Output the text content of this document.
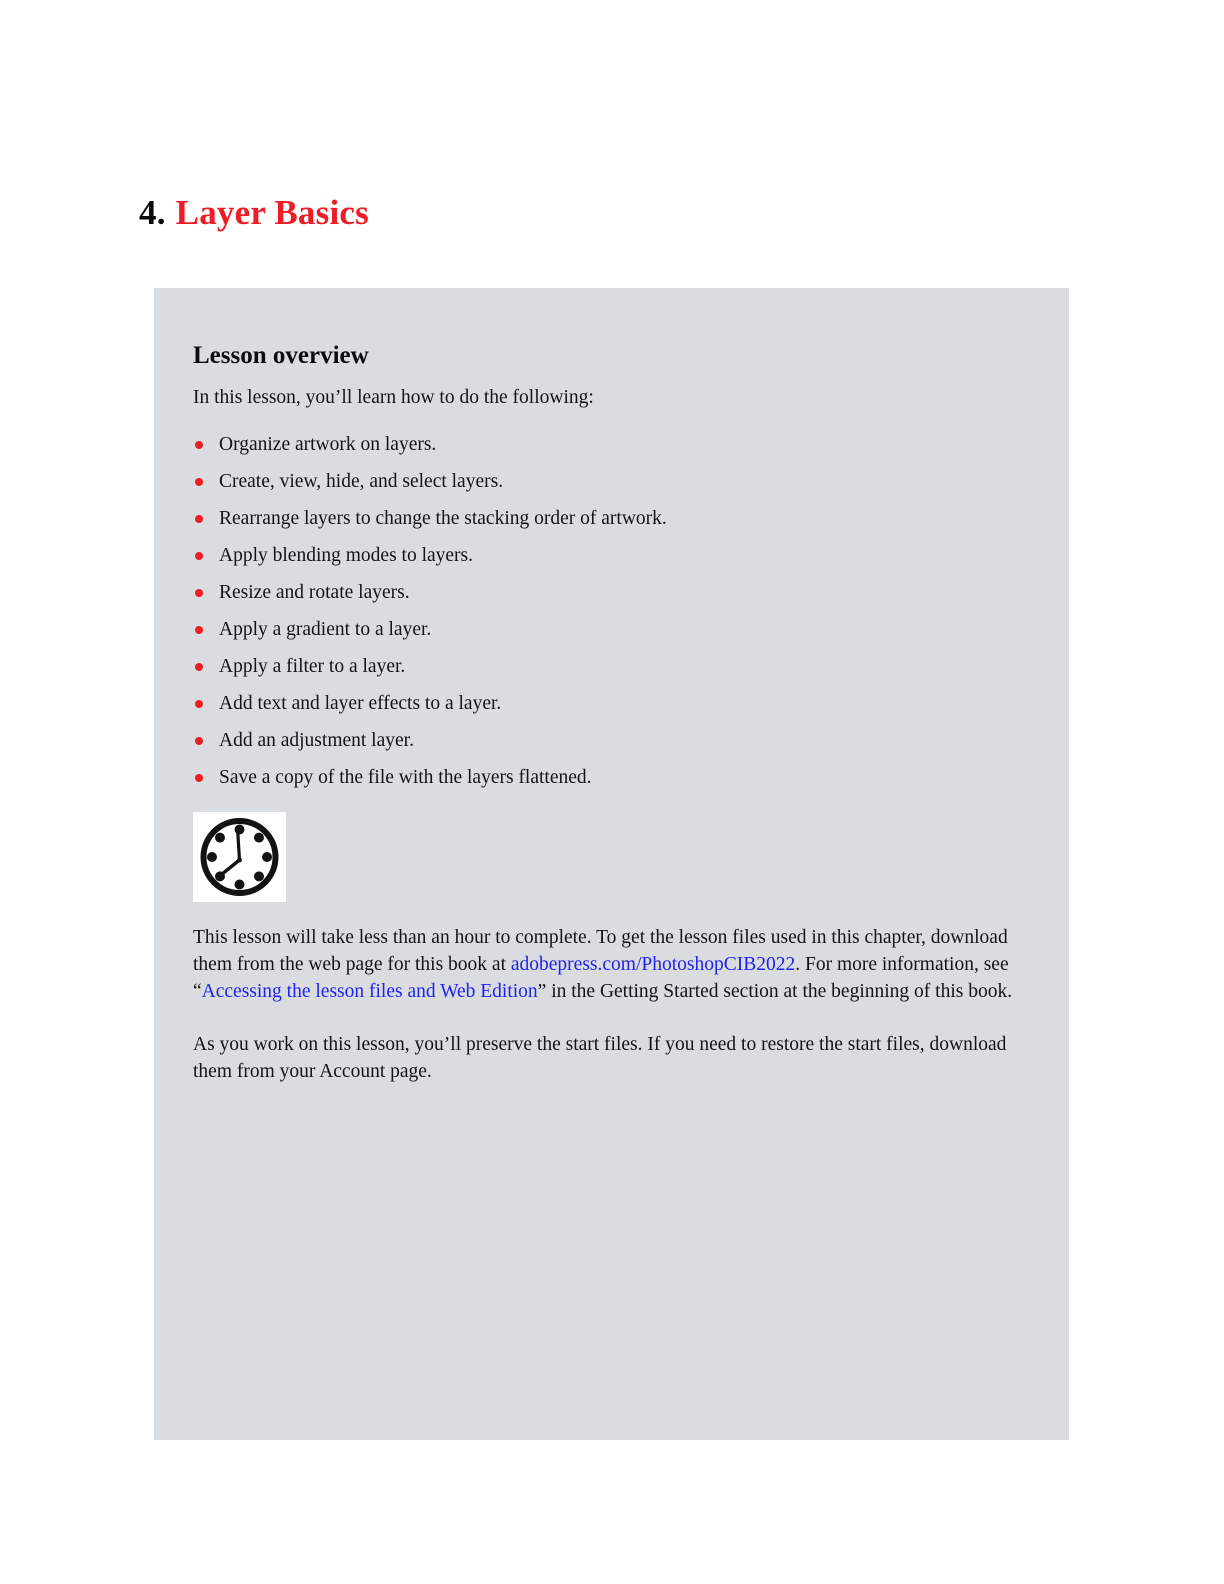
4. Layer Basics
Lesson overview

In this lesson, you’ll learn how to do the following:

Organize artwork on layers.
Create, view, hide, and select layers.
Rearrange layers to change the stacking order of artwork.
Apply blending modes to layers.
Resize and rotate layers.
Apply a gradient to a layer.
Apply a filter to a layer.
Add text and layer effects to a layer.
Add an adjustment layer.
Save a copy of the file with the layers flattened.

This lesson will take less than an hour to complete. To get the lesson files used in this chapter, download them from the web page for this book at adobepress.com/PhotoshopCIB2022. For more information, see “Accessing the lesson files and Web Edition” in the Getting Started section at the beginning of this book.

As you work on this lesson, you’ll preserve the start files. If you need to restore the start files, download them from your Account page.
